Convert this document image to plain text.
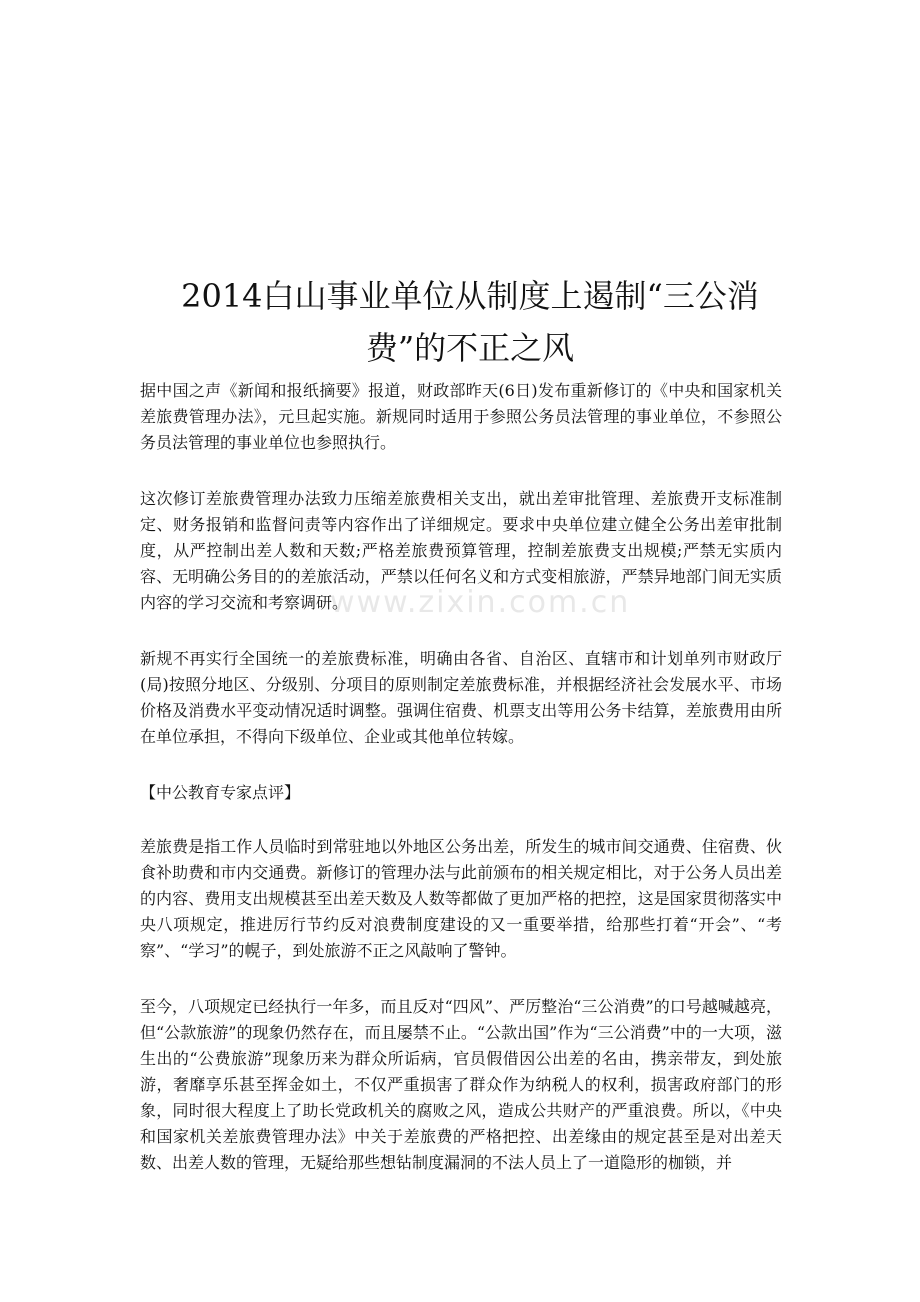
2014白山事业单位从制度上遏制“三公消费”的不正之风
www.zixin.com.cn

据中国之声《新闻和报纸摘要》报道，财政部昨天(6日)发布重新修订的《中央和国家机关差旅费管理办法》，元旦起实施。新规同时适用于参照公务员法管理的事业单位，不参照公务员法管理的事业单位也参照执行。

这次修订差旅费管理办法致力压缩差旅费相关支出，就出差审批管理、差旅费开支标准制定、财务报销和监督问责等内容作出了详细规定。要求中央单位建立健全公务出差审批制度，从严控制出差人数和天数;严格差旅费预算管理，控制差旅费支出规模;严禁无实质内容、无明确公务目的的差旅活动，严禁以任何名义和方式变相旅游，严禁异地部门间无实质内容的学习交流和考察调研。

新规不再实行全国统一的差旅费标准，明确由各省、自治区、直辖市和计划单列市财政厅(局)按照分地区、分级别、分项目的原则制定差旅费标准，并根据经济社会发展水平、市场价格及消费水平变动情况适时调整。强调住宿费、机票支出等用公务卡结算，差旅费用由所在单位承担，不得向下级单位、企业或其他单位转嫁。

【中公教育专家点评】

差旅费是指工作人员临时到常驻地以外地区公务出差，所发生的城市间交通费、住宿费、伙食补助费和市内交通费。新修订的管理办法与此前颁布的相关规定相比，对于公务人员出差的内容、费用支出规模甚至出差天数及人数等都做了更加严格的把控，这是国家贯彻落实中央八项规定，推进厉行节约反对浪费制度建设的又一重要举措，给那些打着“开会”、“考察”、“学习”的幌子，到处旅游不正之风敲响了警钟。

至今，八项规定已经执行一年多，而且反对“四风”、严厉整治“三公消费”的口号越喊越亮，但“公款旅游”的现象仍然存在，而且屡禁不止。“公款出国”作为“三公消费”中的一大项，滋生出的“公费旅游”现象历来为群众所诟病，官员假借因公出差的名由，携亲带友，到处旅游，奢靡享乐甚至挥金如土，不仅严重损害了群众作为纳税人的权利，损害政府部门的形象，同时很大程度上了助长党政机关的腐败之风，造成公共财产的严重浪费。所以，《中央和国家机关差旅费管理办法》中关于差旅费的严格把控、出差缘由的规定甚至是对出差天数、出差人数的管理，无疑给那些想钻制度漏洞的不法人员上了一道隐形的枷锁，并
